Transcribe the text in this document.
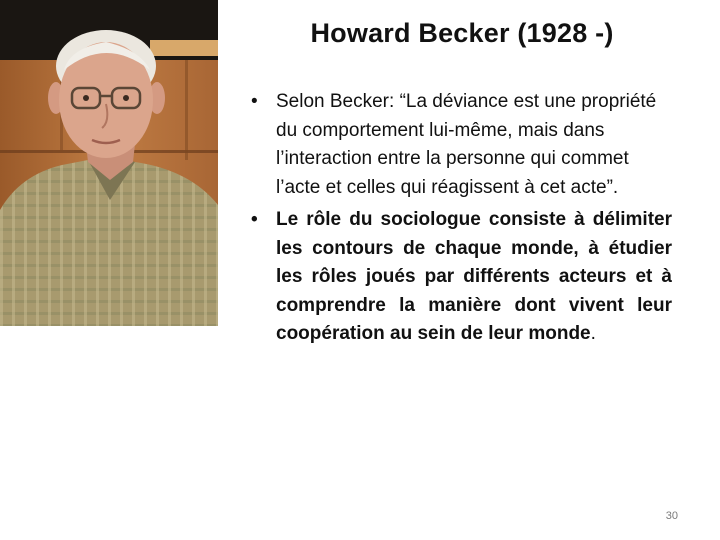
Howard Becker (1928 -)
• Selon Becker: “La déviance est une propriété du comportement lui-même, mais dans l’interaction entre la personne qui commet l’acte et celles qui réagissent à cet acte”.
• Le rôle du sociologue consiste à délimiter les contours de chaque monde, à étudier les rôles joués par différents acteurs et à comprendre la manière dont vivent leur coopération au sein de leur monde.
30
